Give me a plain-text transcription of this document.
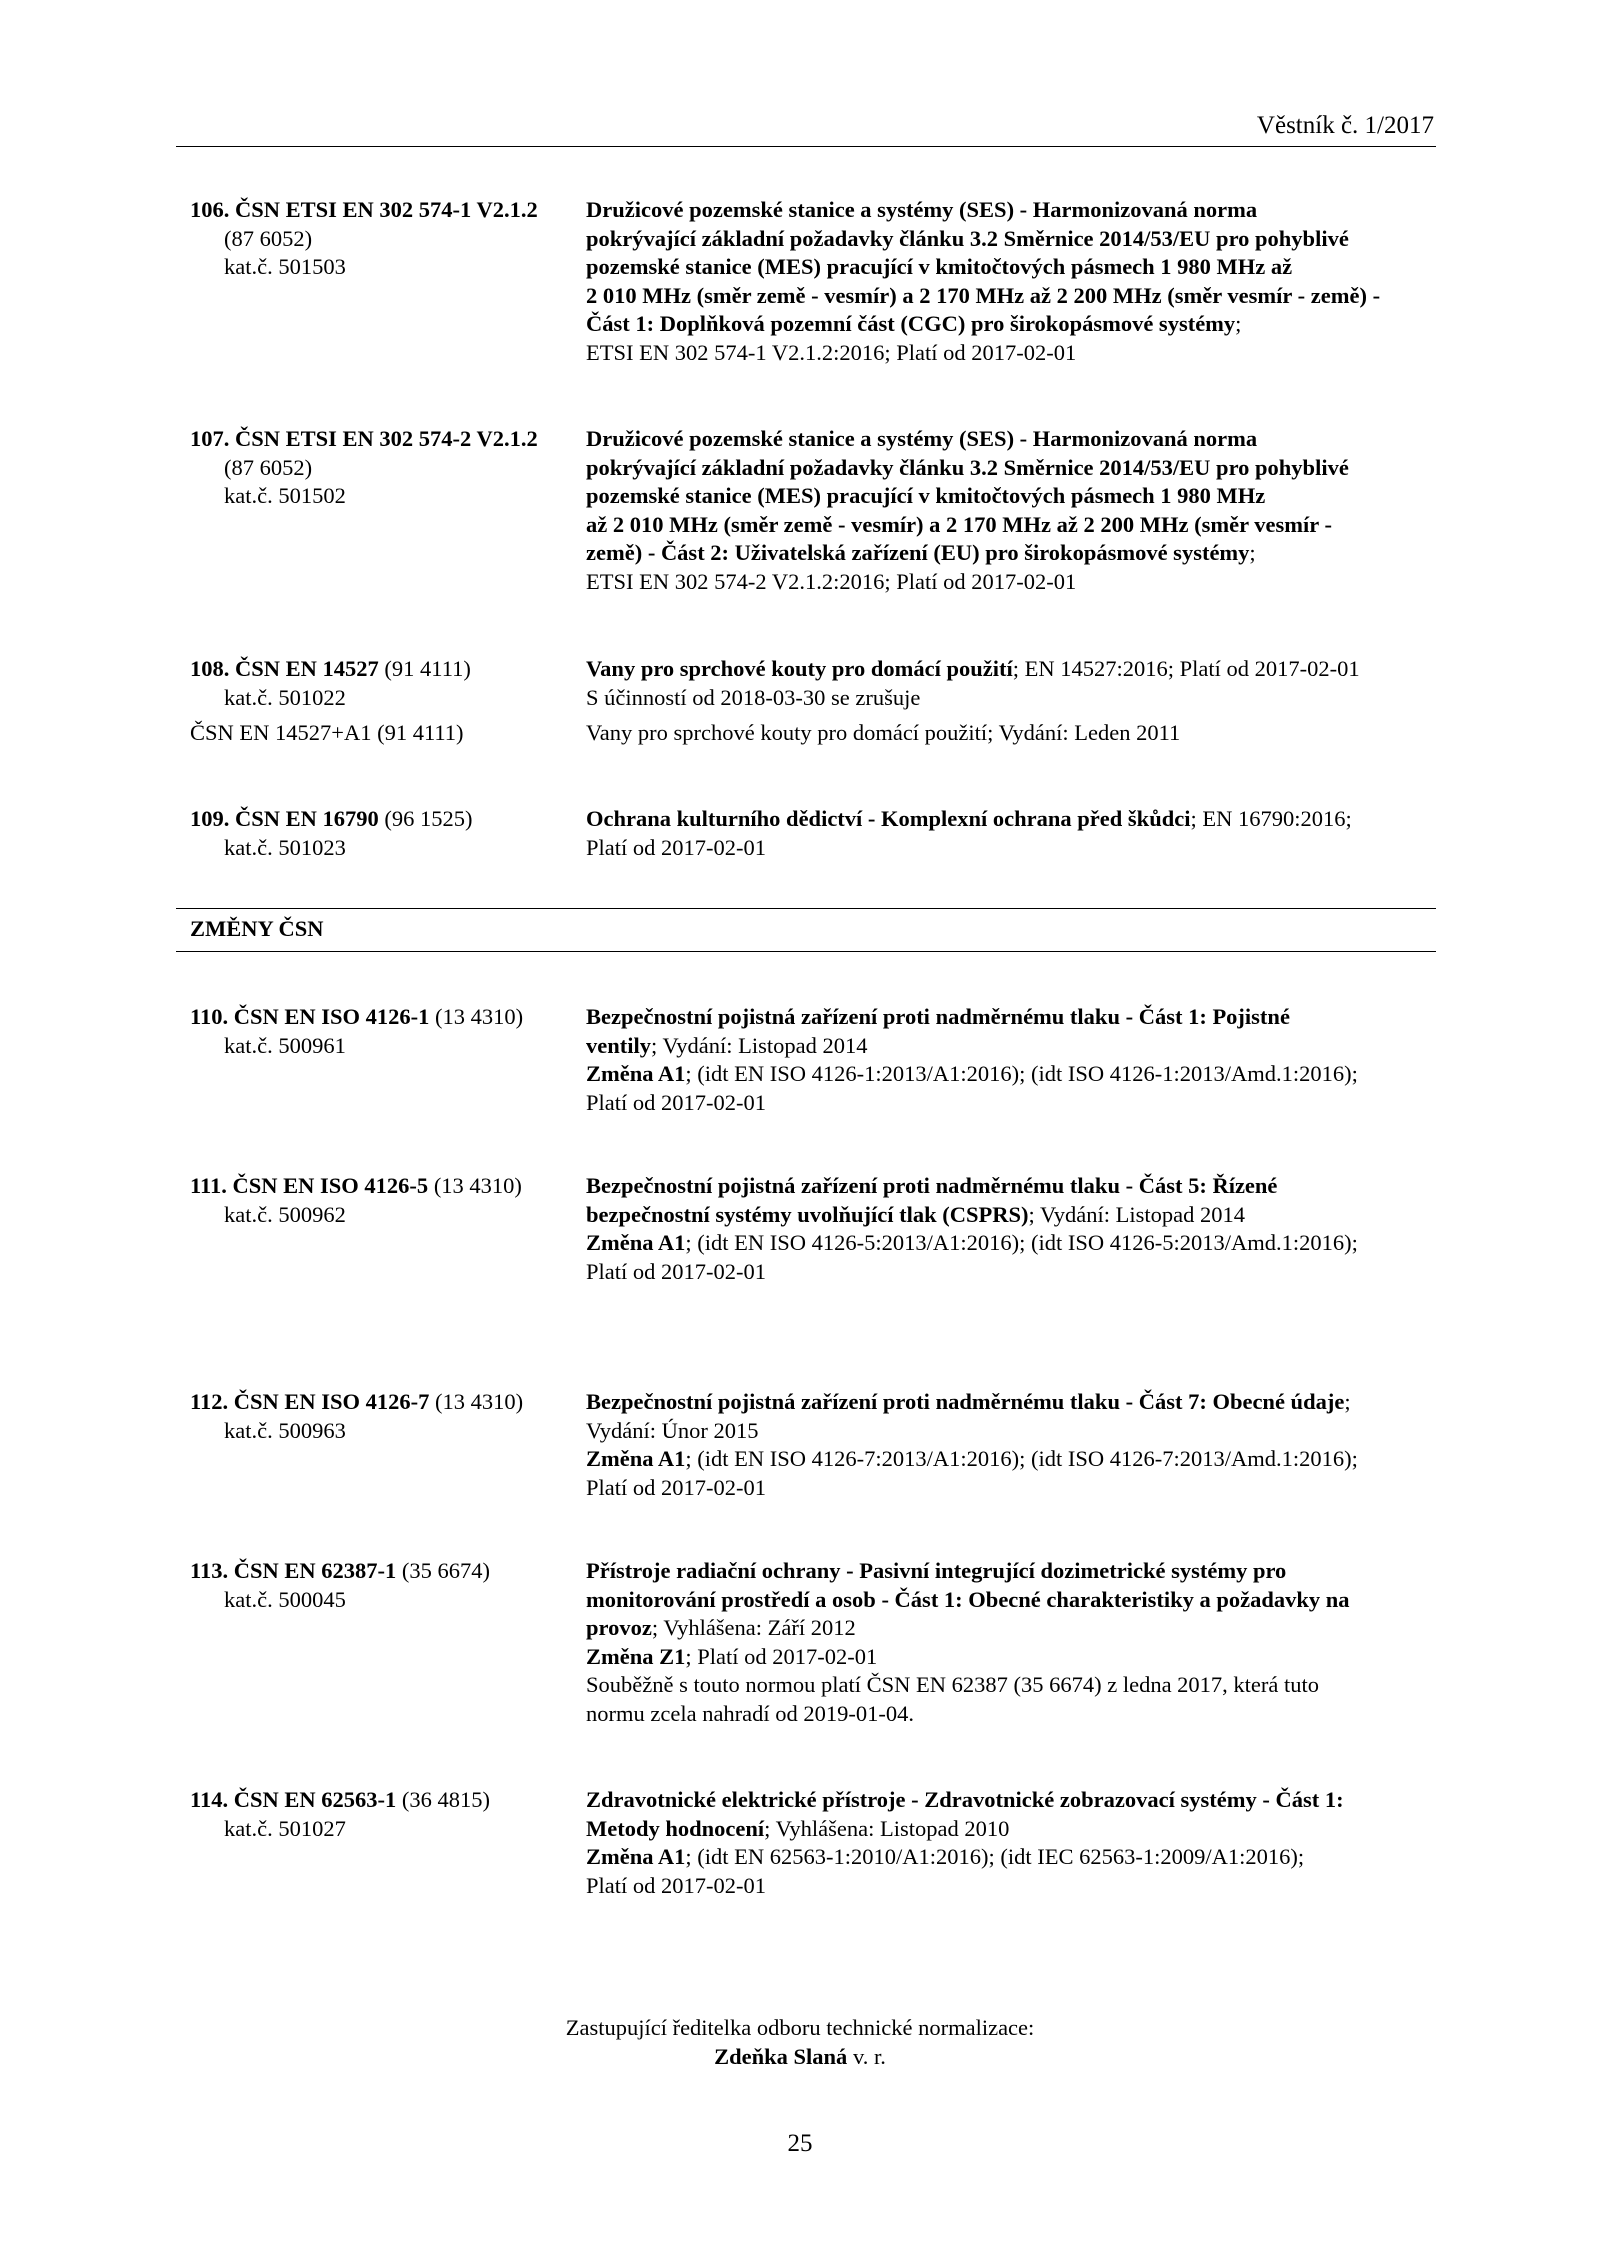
Věstník č. 1/2017
106. ČSN ETSI EN 302 574-1 V2.1.2
(87 6052)
kat.č. 501503
Družicové pozemské stanice a systémy (SES) - Harmonizovaná norma
pokrývající základní požadavky článku 3.2 Směrnice 2014/53/EU pro pohyblivé
pozemské stanice (MES) pracující v kmitočtových pásmech 1 980 MHz až
2 010 MHz (směr země - vesmír) a 2 170 MHz až 2 200 MHz (směr vesmír - země) -
Část 1: Doplňková pozemní část (CGC) pro širokopásmové systémy;
ETSI EN 302 574-1 V2.1.2:2016; Platí od 2017-02-01
107. ČSN ETSI EN 302 574-2 V2.1.2
(87 6052)
kat.č. 501502
Družicové pozemské stanice a systémy (SES) - Harmonizovaná norma
pokrývající základní požadavky článku 3.2 Směrnice 2014/53/EU pro pohyblivé
pozemské stanice (MES) pracující v kmitočtových pásmech 1 980 MHz
až 2 010 MHz (směr země - vesmír) a 2 170 MHz až 2 200 MHz (směr vesmír -
země) - Část 2: Uživatelská zařízení (EU) pro širokopásmové systémy;
ETSI EN 302 574-2 V2.1.2:2016; Platí od 2017-02-01
108. ČSN EN 14527 (91 4111)
kat.č. 501022
Vany pro sprchové kouty pro domácí použití; EN 14527:2016; Platí od 2017-02-01
S účinností od 2018-03-30 se zrušuje
ČSN EN 14527+A1 (91 4111)	Vany pro sprchové kouty pro domácí použití; Vydání: Leden 2011
109. ČSN EN 16790 (96 1525)
kat.č. 501023
Ochrana kulturního dědictví - Komplexní ochrana před škůdci; EN 16790:2016;
Platí od 2017-02-01
ZMĚNY ČSN
110. ČSN EN ISO 4126-1 (13 4310)
kat.č. 500961
Bezpečnostní pojistná zařízení proti nadměrnému tlaku - Část 1: Pojistné
ventily; Vydání: Listopad 2014
Změna A1; (idt EN ISO 4126-1:2013/A1:2016); (idt ISO 4126-1:2013/Amd.1:2016);
Platí od 2017-02-01
111. ČSN EN ISO 4126-5 (13 4310)
kat.č. 500962
Bezpečnostní pojistná zařízení proti nadměrnému tlaku - Část 5: Řízené
bezpečnostní systémy uvolňující tlak (CSPRS); Vydání: Listopad 2014
Změna A1; (idt EN ISO 4126-5:2013/A1:2016); (idt ISO 4126-5:2013/Amd.1:2016);
Platí od 2017-02-01
112. ČSN EN ISO 4126-7 (13 4310)
kat.č. 500963
Bezpečnostní pojistná zařízení proti nadměrnému tlaku - Část 7: Obecné údaje;
Vydání: Únor 2015
Změna A1; (idt EN ISO 4126-7:2013/A1:2016); (idt ISO 4126-7:2013/Amd.1:2016);
Platí od 2017-02-01
113. ČSN EN 62387-1 (35 6674)
kat.č. 500045
Přístroje radiační ochrany - Pasivní integrující dozimetrické systémy pro
monitorování prostředí a osob - Část 1: Obecné charakteristiky a požadavky na
provoz; Vyhlášena: Září 2012
Změna Z1; Platí od 2017-02-01
Souběžně s touto normou platí ČSN EN 62387 (35 6674) z ledna 2017, která tuto
normu zcela nahradí od 2019-01-04.
114. ČSN EN 62563-1 (36 4815)
kat.č. 501027
Zdravotnické elektrické přístroje - Zdravotnické zobrazovací systémy - Část 1:
Metody hodnocení; Vyhlášena: Listopad 2010
Změna A1; (idt EN 62563-1:2010/A1:2016); (idt IEC 62563-1:2009/A1:2016);
Platí od 2017-02-01
Zastupující ředitelka odboru technické normalizace:
Zdeňka Slaná v. r.
25
